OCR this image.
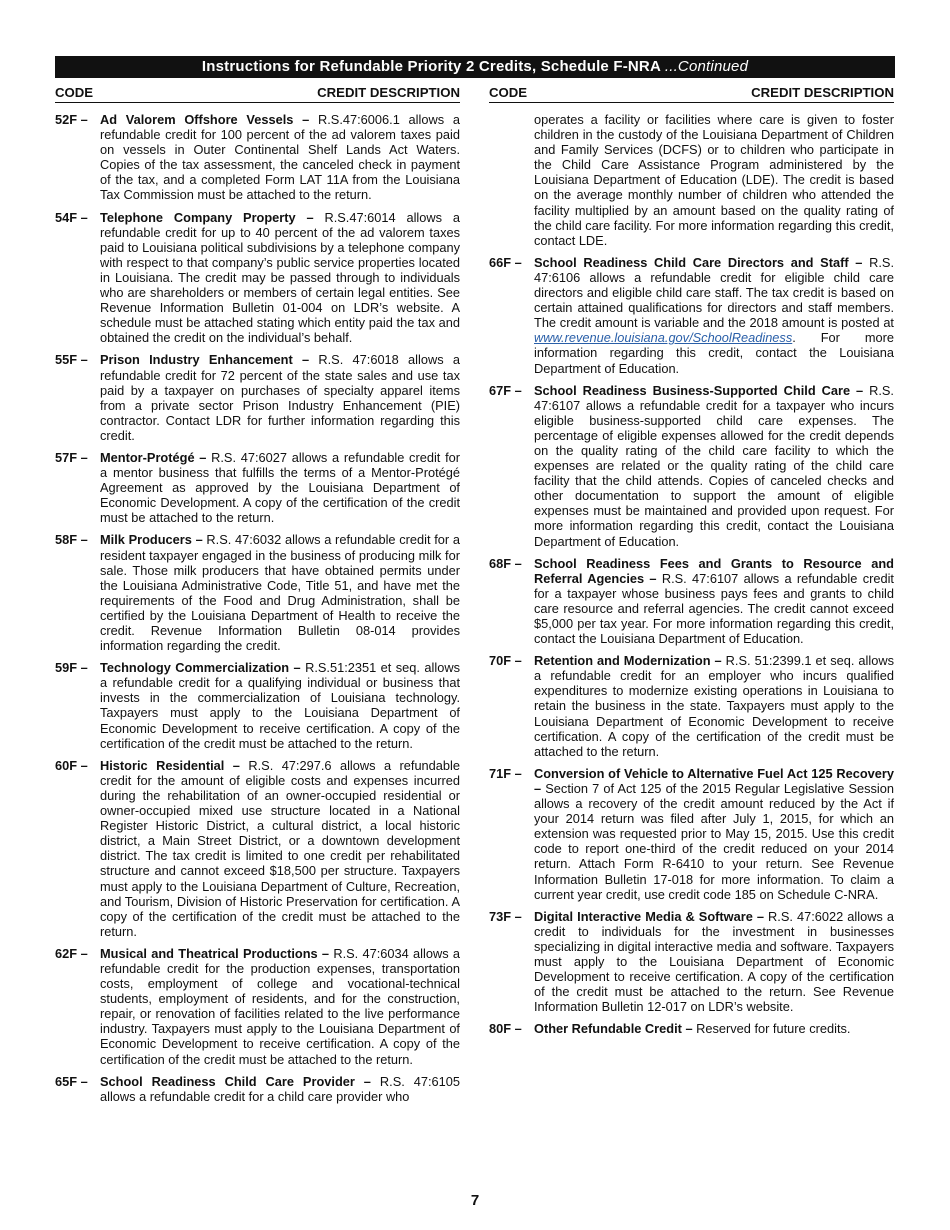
Instructions for Refundable Priority 2 Credits, Schedule F-NRA ...Continued
CODE	CREDIT DESCRIPTION
52F – Ad Valorem Offshore Vessels – R.S.47:6006.1 allows a refundable credit for 100 percent of the ad valorem taxes paid on vessels in Outer Continental Shelf Lands Act Waters. Copies of the tax assessment, the canceled check in payment of the tax, and a completed Form LAT 11A from the Louisiana Tax Commission must be attached to the return.
54F – Telephone Company Property – R.S.47:6014 allows a refundable credit for up to 40 percent of the ad valorem taxes paid to Louisiana political subdivisions by a telephone company with respect to that company’s public service properties located in Louisiana. The credit may be passed through to individuals who are shareholders or members of certain legal entities. See Revenue Information Bulletin 01-004 on LDR’s website. A schedule must be attached stating which entity paid the tax and obtained the credit on the individual’s behalf.
55F – Prison Industry Enhancement – R.S. 47:6018 allows a refundable credit for 72 percent of the state sales and use tax paid by a taxpayer on purchases of specialty apparel items from a private sector Prison Industry Enhancement (PIE) contractor. Contact LDR for further information regarding this credit.
57F – Mentor-Protégé – R.S. 47:6027 allows a refundable credit for a mentor business that fulfills the terms of a Mentor-Protégé Agreement as approved by the Louisiana Department of Economic Development. A copy of the certification of the credit must be attached to the return.
58F – Milk Producers – R.S. 47:6032 allows a refundable credit for a resident taxpayer engaged in the business of producing milk for sale. Those milk producers that have obtained permits under the Louisiana Administrative Code, Title 51, and have met the requirements of the Food and Drug Administration, shall be certified by the Louisiana Department of Health to receive the credit. Revenue Information Bulletin 08-014 provides information regarding the credit.
59F – Technology Commercialization – R.S.51:2351 et seq. allows a refundable credit for a qualifying individual or business that invests in the commercialization of Louisiana technology. Taxpayers must apply to the Louisiana Department of Economic Development to receive certification. A copy of the certification of the credit must be attached to the return.
60F – Historic Residential – R.S. 47:297.6 allows a refundable credit for the amount of eligible costs and expenses incurred during the rehabilitation of an owner-occupied residential or owner-occupied mixed use structure located in a National Register Historic District, a cultural district, a local historic district, a Main Street District, or a downtown development district. The tax credit is limited to one credit per rehabilitated structure and cannot exceed $18,500 per structure. Taxpayers must apply to the Louisiana Department of Culture, Recreation, and Tourism, Division of Historic Preservation for certification. A copy of the certification of the credit must be attached to the return.
62F – Musical and Theatrical Productions – R.S. 47:6034 allows a refundable credit for the production expenses, transportation costs, employment of college and vocational-technical students, employment of residents, and for the construction, repair, or renovation of facilities related to the live performance industry. Taxpayers must apply to the Louisiana Department of Economic Development to receive certification. A copy of the certification of the credit must be attached to the return.
65F – School Readiness Child Care Provider – R.S. 47:6105 allows a refundable credit for a child care provider who
CODE	CREDIT DESCRIPTION
operates a facility or facilities where care is given to foster children in the custody of the Louisiana Department of Children and Family Services (DCFS) or to children who participate in the Child Care Assistance Program administered by the Louisiana Department of Education (LDE). The credit is based on the average monthly number of children who attended the facility multiplied by an amount based on the quality rating of the child care facility. For more information regarding this credit, contact LDE.
66F – School Readiness Child Care Directors and Staff – R.S. 47:6106 allows a refundable credit for eligible child care directors and eligible child care staff. The tax credit is based on certain attained qualifications for directors and staff members. The credit amount is variable and the 2018 amount is posted at www.revenue.louisiana.gov/SchoolReadiness. For more information regarding this credit, contact the Louisiana Department of Education.
67F – School Readiness Business-Supported Child Care – R.S. 47:6107 allows a refundable credit for a taxpayer who incurs eligible business-supported child care expenses. The percentage of eligible expenses allowed for the credit depends on the quality rating of the child care facility to which the expenses are related or the quality rating of the child care facility that the child attends. Copies of canceled checks and other documentation to support the amount of eligible expenses must be maintained and provided upon request. For more information regarding this credit, contact the Louisiana Department of Education.
68F – School Readiness Fees and Grants to Resource and Referral Agencies – R.S. 47:6107 allows a refundable credit for a taxpayer whose business pays fees and grants to child care resource and referral agencies. The credit cannot exceed $5,000 per tax year. For more information regarding this credit, contact the Louisiana Department of Education.
70F – Retention and Modernization – R.S. 51:2399.1 et seq. allows a refundable credit for an employer who incurs qualified expenditures to modernize existing operations in Louisiana to retain the business in the state. Taxpayers must apply to the Louisiana Department of Economic Development to receive certification. A copy of the certification of the credit must be attached to the return.
71F – Conversion of Vehicle to Alternative Fuel Act 125 Recovery – Section 7 of Act 125 of the 2015 Regular Legislative Session allows a recovery of the credit amount reduced by the Act if your 2014 return was filed after July 1, 2015, for which an extension was requested prior to May 15, 2015. Use this credit code to report one-third of the credit reduced on your 2014 return. Attach Form R-6410 to your return. See Revenue Information Bulletin 17-018 for more information. To claim a current year credit, use credit code 185 on Schedule C-NRA.
73F – Digital Interactive Media & Software – R.S. 47:6022 allows a credit to individuals for the investment in businesses specializing in digital interactive media and software. Taxpayers must apply to the Louisiana Department of Economic Development to receive certification. A copy of the certification of the credit must be attached to the return. See Revenue Information Bulletin 12-017 on LDR’s website.
80F – Other Refundable Credit – Reserved for future credits.
7
